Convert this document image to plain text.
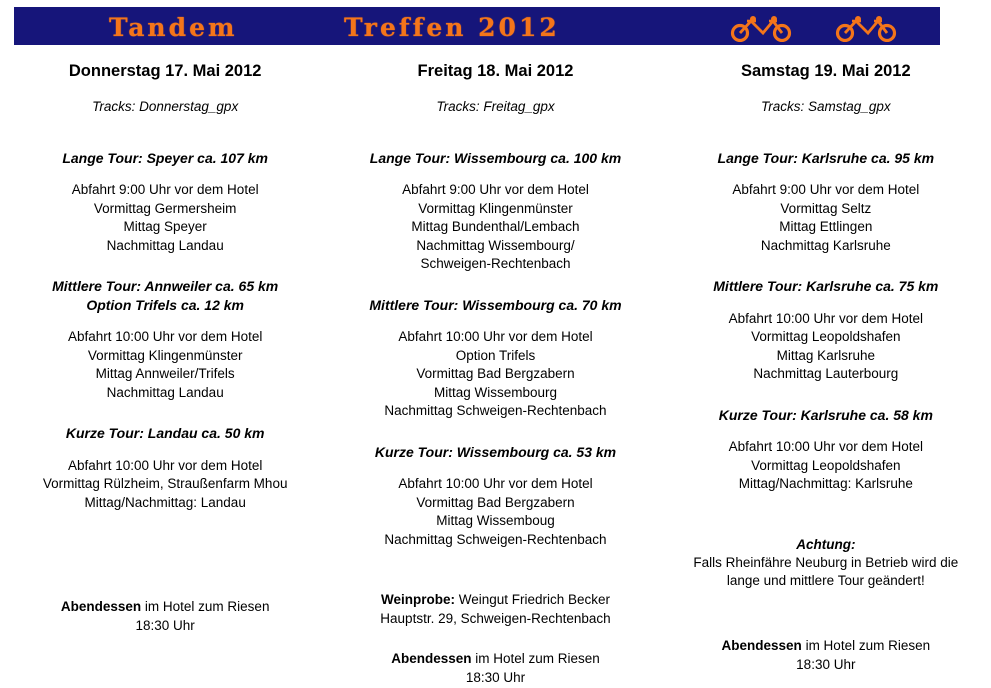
Tandem	Treffen 2012
Donnerstag 17. Mai 2012
Tracks: Donnerstag_gpx
Lange Tour: Speyer ca. 107 km
Abfahrt 9:00 Uhr vor dem Hotel
Vormittag Germersheim
Mittag Speyer
Nachmittag Landau
Mittlere Tour: Annweiler ca. 65 km
Option Trifels ca. 12 km
Abfahrt 10:00 Uhr vor dem Hotel
Vormittag Klingenmünster
Mittag Annweiler/Trifels
Nachmittag Landau
Kurze Tour: Landau ca. 50 km
Abfahrt 10:00 Uhr vor dem Hotel
Vormittag Rülzheim, Straußenfarm Mhou
Mittag/Nachmittag: Landau
Abendessen im Hotel zum Riesen
18:30 Uhr
Freitag 18. Mai 2012
Tracks: Freitag_gpx
Lange Tour: Wissembourg ca. 100 km
Abfahrt 9:00 Uhr vor dem Hotel
Vormittag Klingenmünster
Mittag Bundenthal/Lembach
Nachmittag Wissembourg/
Schweigen-Rechtenbach
Mittlere Tour: Wissembourg ca. 70 km
Abfahrt 10:00 Uhr vor dem Hotel
Option Trifels
Vormittag Bad Bergzabern
Mittag Wissembourg
Nachmittag Schweigen-Rechtenbach
Kurze Tour: Wissembourg ca. 53 km
Abfahrt 10:00 Uhr vor dem Hotel
Vormittag Bad Bergzabern
Mittag Wissemboug
Nachmittag Schweigen-Rechtenbach
Weinprobe: Weingut Friedrich Becker
Hauptstr. 29, Schweigen-Rechtenbach
Abendessen im Hotel zum Riesen
18:30 Uhr
Samstag 19. Mai 2012
Tracks: Samstag_gpx
Lange Tour: Karlsruhe ca. 95 km
Abfahrt 9:00 Uhr vor dem Hotel
Vormittag Seltz
Mittag Ettlingen
Nachmittag Karlsruhe
Mittlere Tour: Karlsruhe ca. 75 km
Abfahrt 10:00 Uhr vor dem Hotel
Vormittag Leopoldshafen
Mittag Karlsruhe
Nachmittag Lauterbourg
Kurze Tour: Karlsruhe ca. 58 km
Abfahrt 10:00 Uhr vor dem Hotel
Vormittag Leopoldshafen
Mittag/Nachmittag: Karlsruhe
Achtung:
Falls Rheinfähre Neuburg in Betrieb wird die
lange und mittlere Tour geändert!
Abendessen im Hotel zum Riesen
18:30 Uhr
